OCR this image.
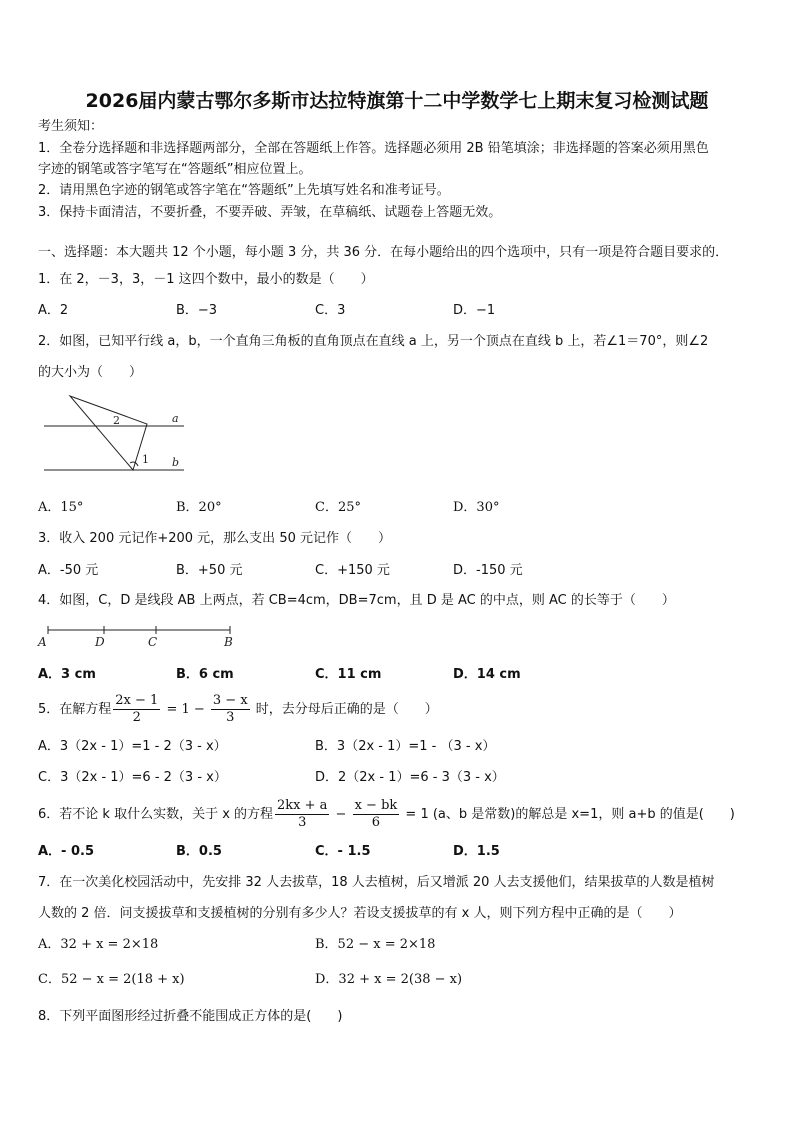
2026届内蒙古鄂尔多斯市达拉特旗第十二中学数学七上期末复习检测试题
考生须知：
1．全卷分选择题和非选择题两部分，全部在答题纸上作答。选择题必须用 2B 铅笔填涂；非选择题的答案必须用黑色
字迹的钢笔或答字笔写在“答题纸”相应位置上。
2．请用黑色字迹的钢笔或答字笔在“答题纸”上先填写姓名和准考证号。
3．保持卡面清洁，不要折叠，不要弄破、弄皱，在草稿纸、试题卷上答题无效。
一、选择题：本大题共 12 个小题，每小题 3 分，共 36 分．在每小题给出的四个选项中，只有一项是符合题目要求的．
1．在 2，－3，3，－1 这四个数中，最小的数是（　　）
A．2	B．−3	C．3	D．−1
2．如图，已知平行线 a，b，一个直角三角板的直角顶点在直线 a 上，另一个顶点在直线 b 上，若∠1＝70°，则∠2
的大小为（　　）
a
b
2
1
A．15°	B．20°	C．25°	D．30°
3．收入 200 元记作+200 元，那么支出 50 元记作（　　）
A．-50 元	B．+50 元	C．+150 元	D．-150 元
4．如图，C，D 是线段 AB 上两点，若 CB=4cm，DB=7cm，且 D 是 AC 的中点，则 AC 的长等于（　　）
A	D	C	B
A．3 cm	B．6 cm	C．11 cm	D．14 cm
5．在解方程 $\frac{2x - 1}{2} = 1 - \frac{3 - x}{3}$ 时，去分母后正确的是（　　）
A．3（2x - 1）=1 - 2（3 - x）	B．3（2x - 1）=1 - （3 - x）
C．3（2x - 1）=6 - 2（3 - x）	D．2（2x - 1）=6 - 3（3 - x）
6．若不论 k 取什么实数，关于 x 的方程 $\frac{2kx + a}{3} - \frac{x - bk}{6} = 1$ (a、b 是常数)的解总是 x=1，则 a+b 的值是(　　)
A．- 0.5	B．0.5	C．- 1.5	D．1.5
7．在一次美化校园活动中，先安排 32 人去拔草，18 人去植树，后又增派 20 人去支援他们，结果拔草的人数是植树
人数的 2 倍．问支援拔草和支援植树的分别有多少人？若设支援拔草的有 x 人，则下列方程中正确的是（　　）
A．32 + x = 2×18	B．52 − x = 2×18
C．52 − x = 2(18 + x)	D．32 + x = 2(38 − x)
8．下列平面图形经过折叠不能围成正方体的是(　　)
